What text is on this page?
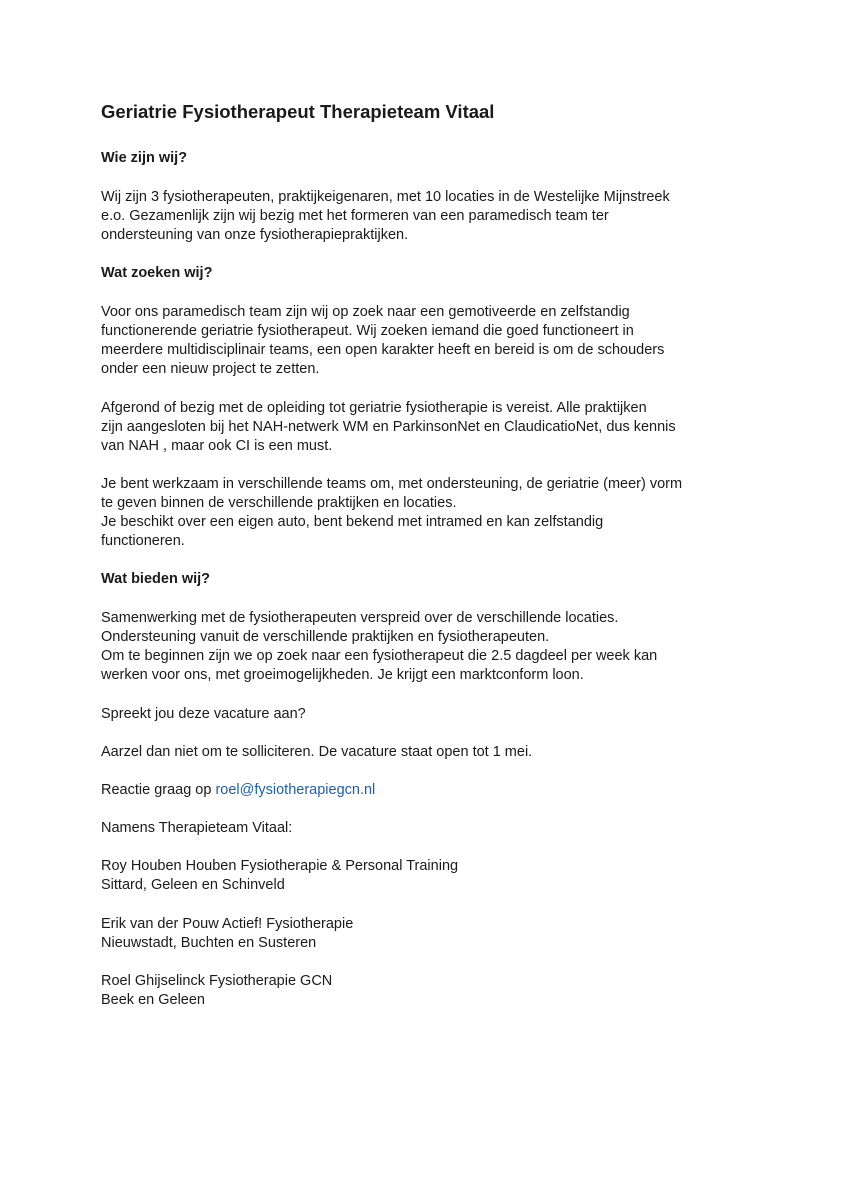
Geriatrie Fysiotherapeut Therapieteam Vitaal

Wie zijn wij?

Wij zijn 3 fysiotherapeuten, praktijkeigenaren, met 10 locaties in de Westelijke Mijnstreek

e.o. Gezamenlijk zijn wij bezig met het formeren van een paramedisch team ter

ondersteuning van onze fysiotherapiepraktijken.

Wat zoeken wij?

Voor ons paramedisch team zijn wij op zoek naar een gemotiveerde en zelfstandig

functionerende geriatrie fysiotherapeut. Wij zoeken iemand die goed functioneert in

meerdere multidisciplinair teams, een open karakter heeft en bereid is om de schouders

onder een nieuw project te zetten.

Afgerond of bezig met de opleiding tot geriatrie fysiotherapie is vereist. Alle praktijken

zijn aangesloten bij het NAH-netwerk WM en ParkinsonNet en ClaudicatioNet, dus kennis

van NAH , maar ook CI is een must.

Je bent werkzaam in verschillende teams om, met ondersteuning, de geriatrie (meer) vorm

te geven binnen de verschillende praktijken en locaties.

Je beschikt over een eigen auto, bent bekend met intramed en kan zelfstandig

functioneren.

Wat bieden wij?

Samenwerking met de fysiotherapeuten verspreid over de verschillende locaties.

Ondersteuning vanuit de verschillende praktijken en fysiotherapeuten.

Om te beginnen zijn we op zoek naar een fysiotherapeut die 2.5 dagdeel per week kan

werken voor ons, met groeimogelijkheden. Je krijgt een marktconform loon.

Spreekt jou deze vacature aan?

Aarzel dan niet om te solliciteren. De vacature staat open tot 1 mei.

Reactie graag op roel@fysiotherapiegcn.nl

Namens Therapieteam Vitaal:

Roy Houben Houben Fysiotherapie & Personal Training

Sittard, Geleen en Schinveld

Erik van der Pouw Actief! Fysiotherapie

Nieuwstadt, Buchten en Susteren

Roel Ghijselinck Fysiotherapie GCN

Beek en Geleen
